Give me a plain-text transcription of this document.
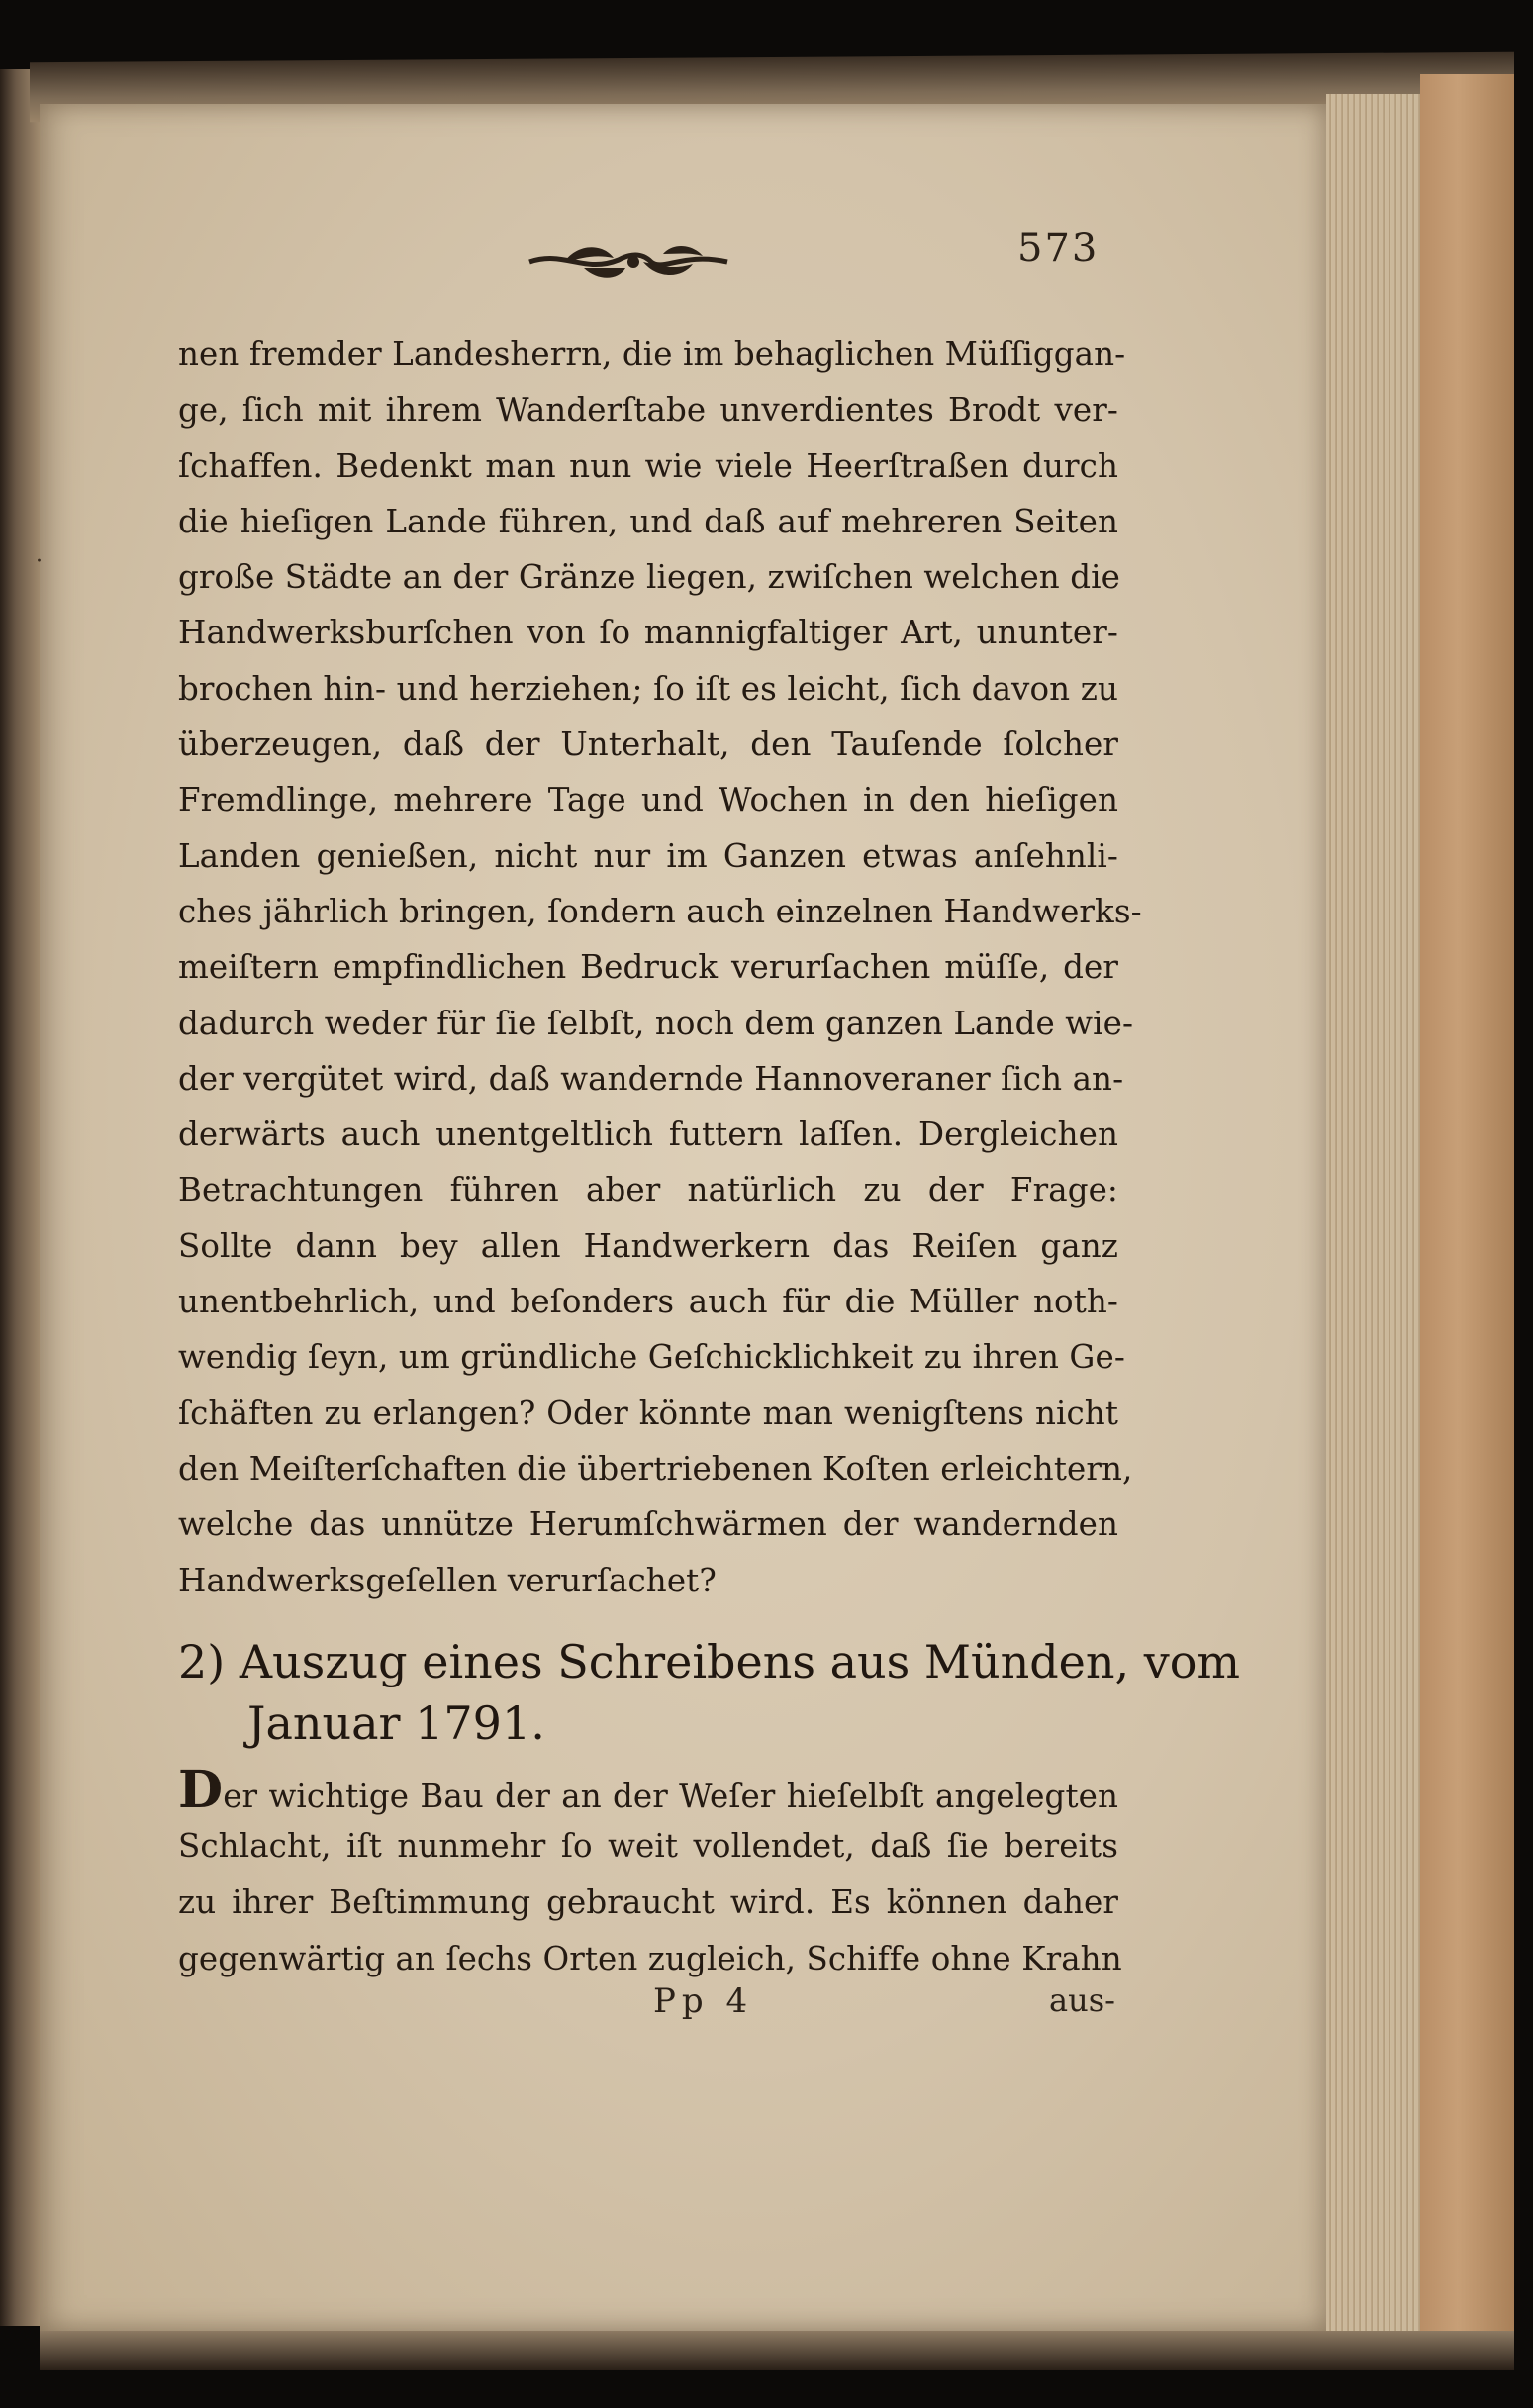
·
573
nen fremder Landesherrn, die im behaglichen Müſſiggan-
ge, ſich mit ihrem Wanderſtabe unverdientes Brodt ver-
ſchaffen. Bedenkt man nun wie viele Heerſtraßen durch
die hieſigen Lande führen, und daß auf mehreren Seiten
große Städte an der Gränze liegen, zwiſchen welchen die
Handwerksburſchen von ſo mannigfaltiger Art, ununter-
brochen hin- und herziehen; ſo iſt es leicht, ſich davon zu
überzeugen, daß der Unterhalt, den Tauſende ſolcher
Fremdlinge, mehrere Tage und Wochen in den hieſigen
Landen genießen, nicht nur im Ganzen etwas anſehnli-
ches jährlich bringen, ſondern auch einzelnen Handwerks-
meiſtern empfindlichen Bedruck verurſachen müſſe, der
dadurch weder für ſie ſelbſt, noch dem ganzen Lande wie-
der vergütet wird, daß wandernde Hannoveraner ſich an-
derwärts auch unentgeltlich futtern laſſen. Dergleichen
Betrachtungen führen aber natürlich zu der Frage:
Sollte dann bey allen Handwerkern das Reiſen ganz
unentbehrlich, und beſonders auch für die Müller noth-
wendig ſeyn, um gründliche Geſchicklichkeit zu ihren Ge-
ſchäften zu erlangen? Oder könnte man wenigſtens nicht
den Meiſterſchaften die übertriebenen Koſten erleichtern,
welche das unnütze Herumſchwärmen der wandernden
Handwerksgeſellen verurſachet?
2) Auszug eines Schreibens aus Münden, vom
Januar 1791.
Der wichtige Bau der an der Weſer hieſelbſt angelegten
Schlacht, iſt nunmehr ſo weit vollendet, daß ſie bereits
zu ihrer Beſtimmung gebraucht wird. Es können daher
gegenwärtig an ſechs Orten zugleich, Schiffe ohne Krahn
Pp 4	aus-
